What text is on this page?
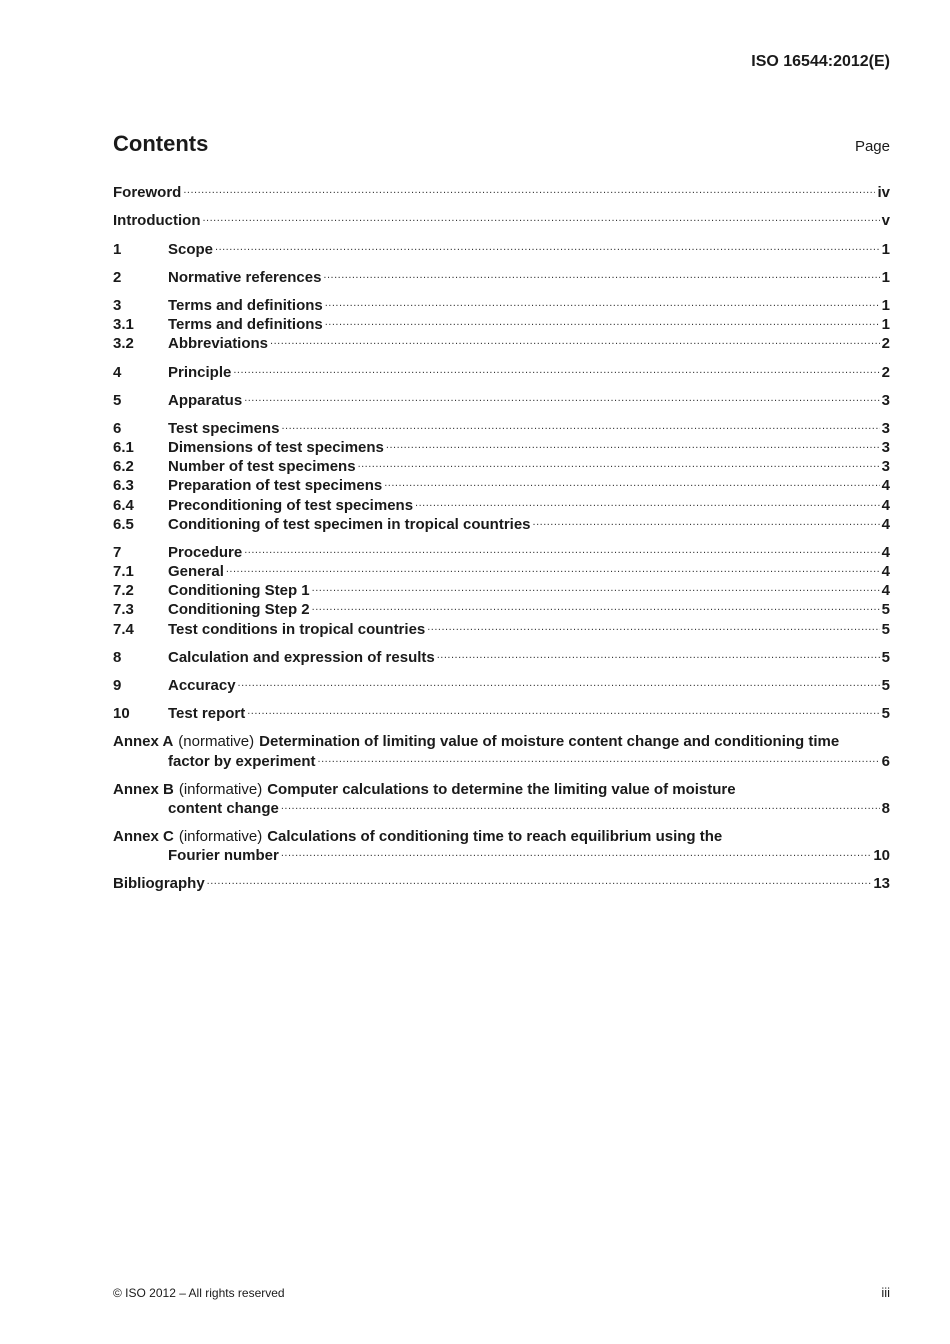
ISO 16544:2012(E)
Contents	Page
Foreword .....	iv
Introduction .....	v
1	Scope .....	1
2	Normative references .....	1
3	Terms and definitions .....	1
3.1	Terms and definitions .....	1
3.2	Abbreviations .....	2
4	Principle .....	2
5	Apparatus .....	3
6	Test specimens .....	3
6.1	Dimensions of test specimens .....	3
6.2	Number of test specimens .....	3
6.3	Preparation of test specimens .....	4
6.4	Preconditioning of test specimens .....	4
6.5	Conditioning of test specimen in tropical countries .....	4
7	Procedure .....	4
7.1	General .....	4
7.2	Conditioning Step 1 .....	4
7.3	Conditioning Step 2 .....	5
7.4	Test conditions in tropical countries .....	5
8	Calculation and expression of results .....	5
9	Accuracy .....	5
10	Test report .....	5
Annex A (normative) Determination of limiting value of moisture content change and conditioning time
factor by experiment .....	6
Annex B (informative) Computer calculations to determine the limiting value of moisture
content change .....	8
Annex C (informative) Calculations of conditioning time to reach equilibrium using the
Fourier number .....	10
Bibliography .....	13
© ISO 2012 – All rights reserved	iii
